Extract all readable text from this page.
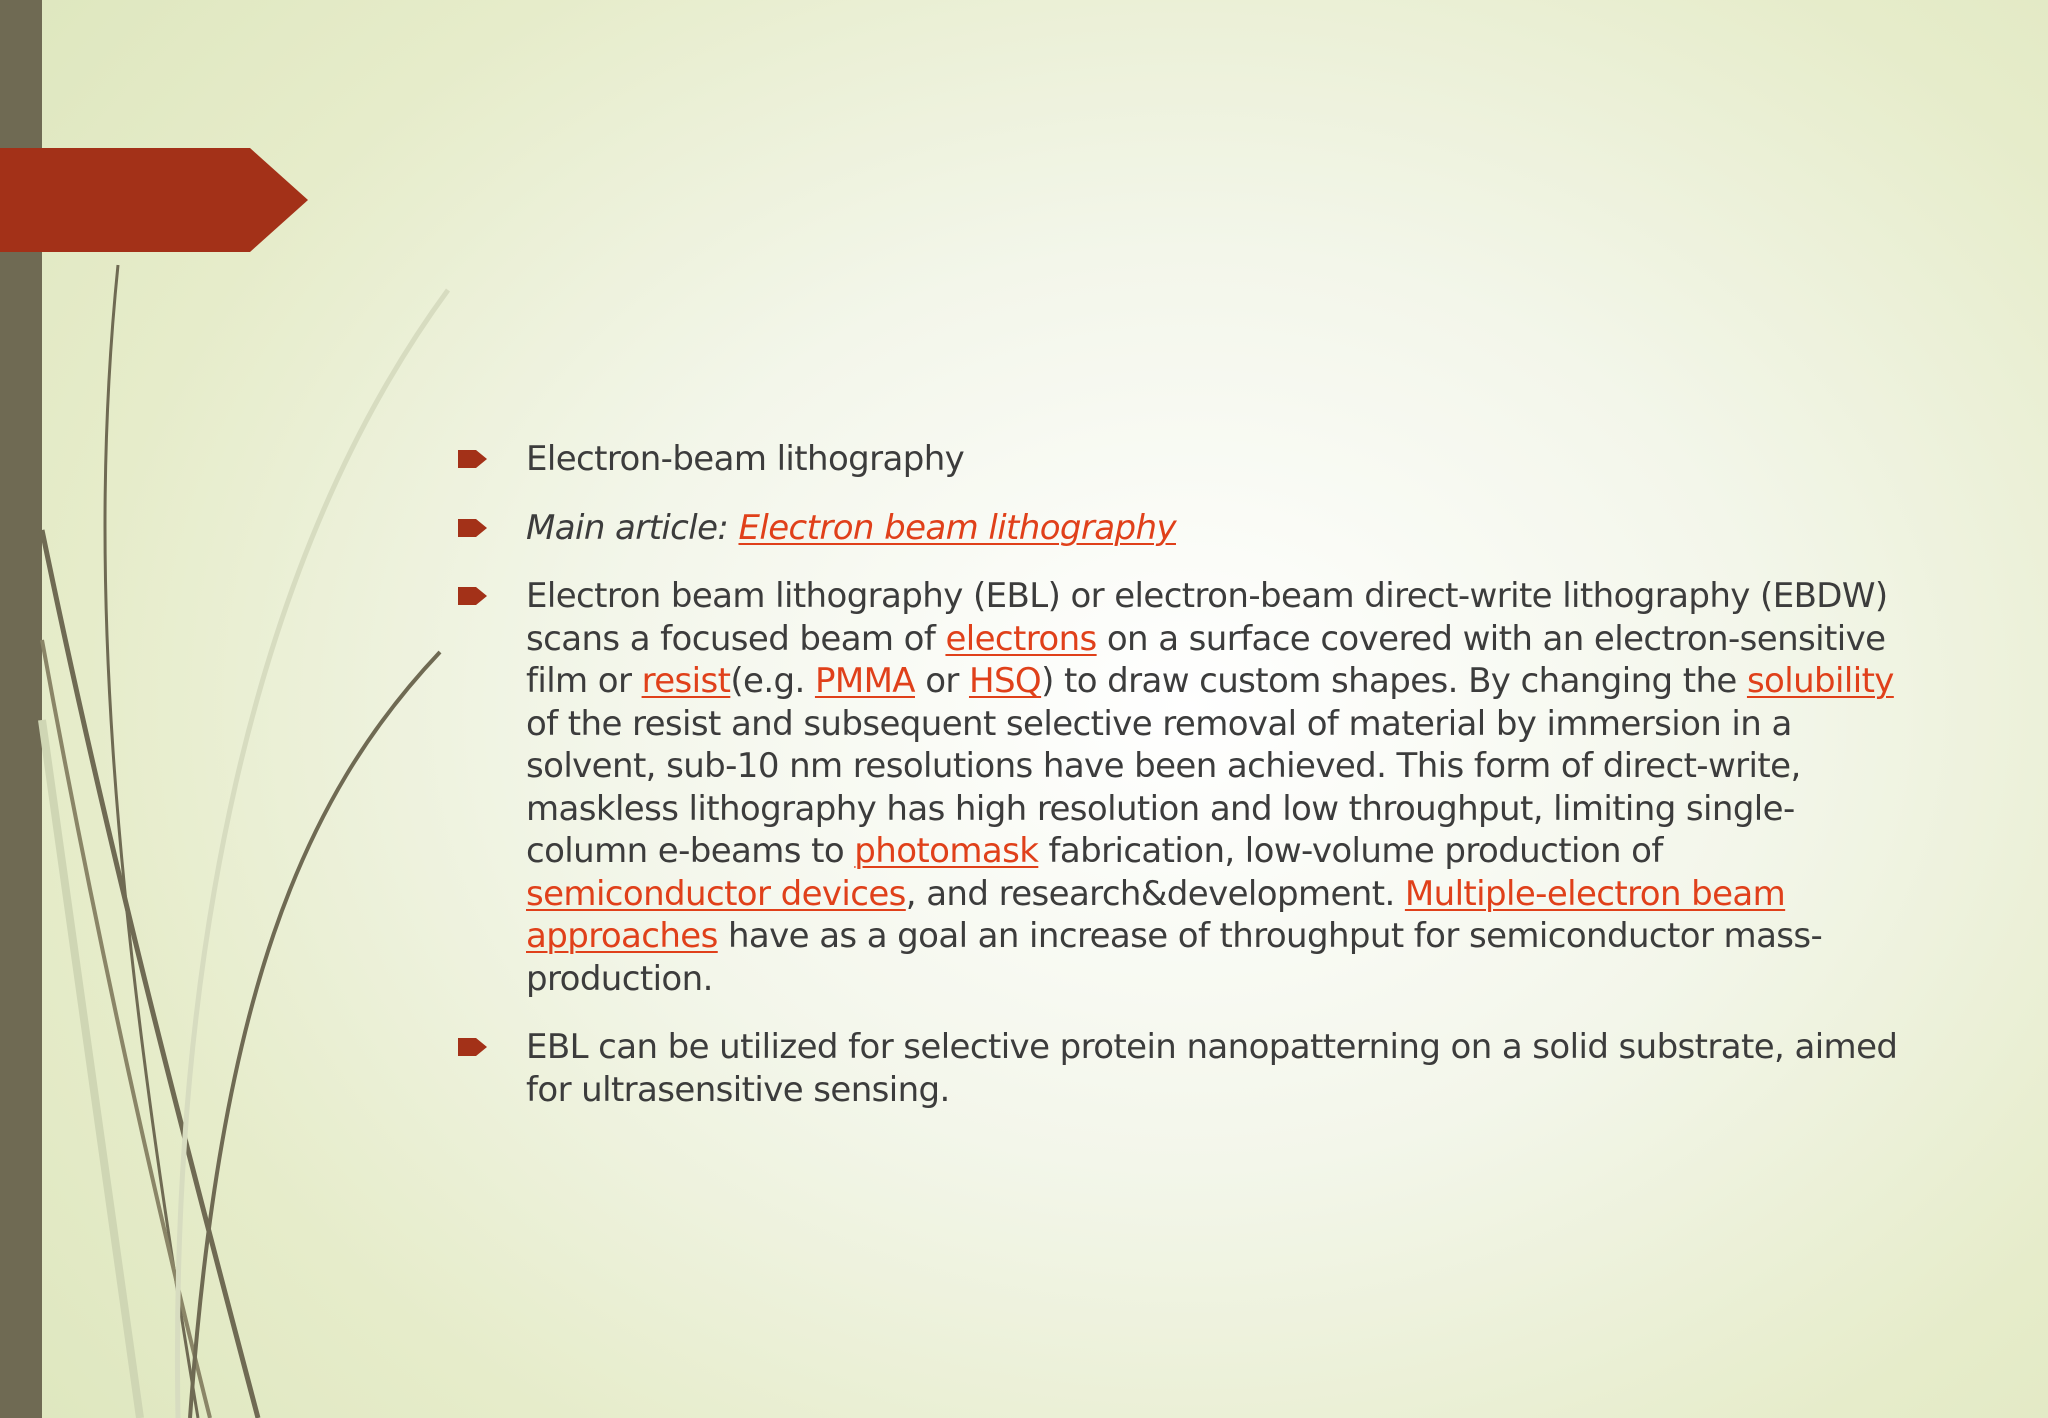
Electron-beam lithography
Main article: Electron beam lithography
Electron beam lithography (EBL) or electron-beam direct-write lithography (EBDW) scans a focused beam of electrons on a surface covered with an electron-sensitive film or resist(e.g. PMMA or HSQ) to draw custom shapes. By changing the solubility of the resist and subsequent selective removal of material by immersion in a solvent, sub-10 nm resolutions have been achieved. This form of direct-write, maskless lithography has high resolution and low throughput, limiting single-column e-beams to photomask fabrication, low-volume production of semiconductor devices, and research&development. Multiple-electron beam approaches have as a goal an increase of throughput for semiconductor mass-production.
EBL can be utilized for selective protein nanopatterning on a solid substrate, aimed for ultrasensitive sensing.
